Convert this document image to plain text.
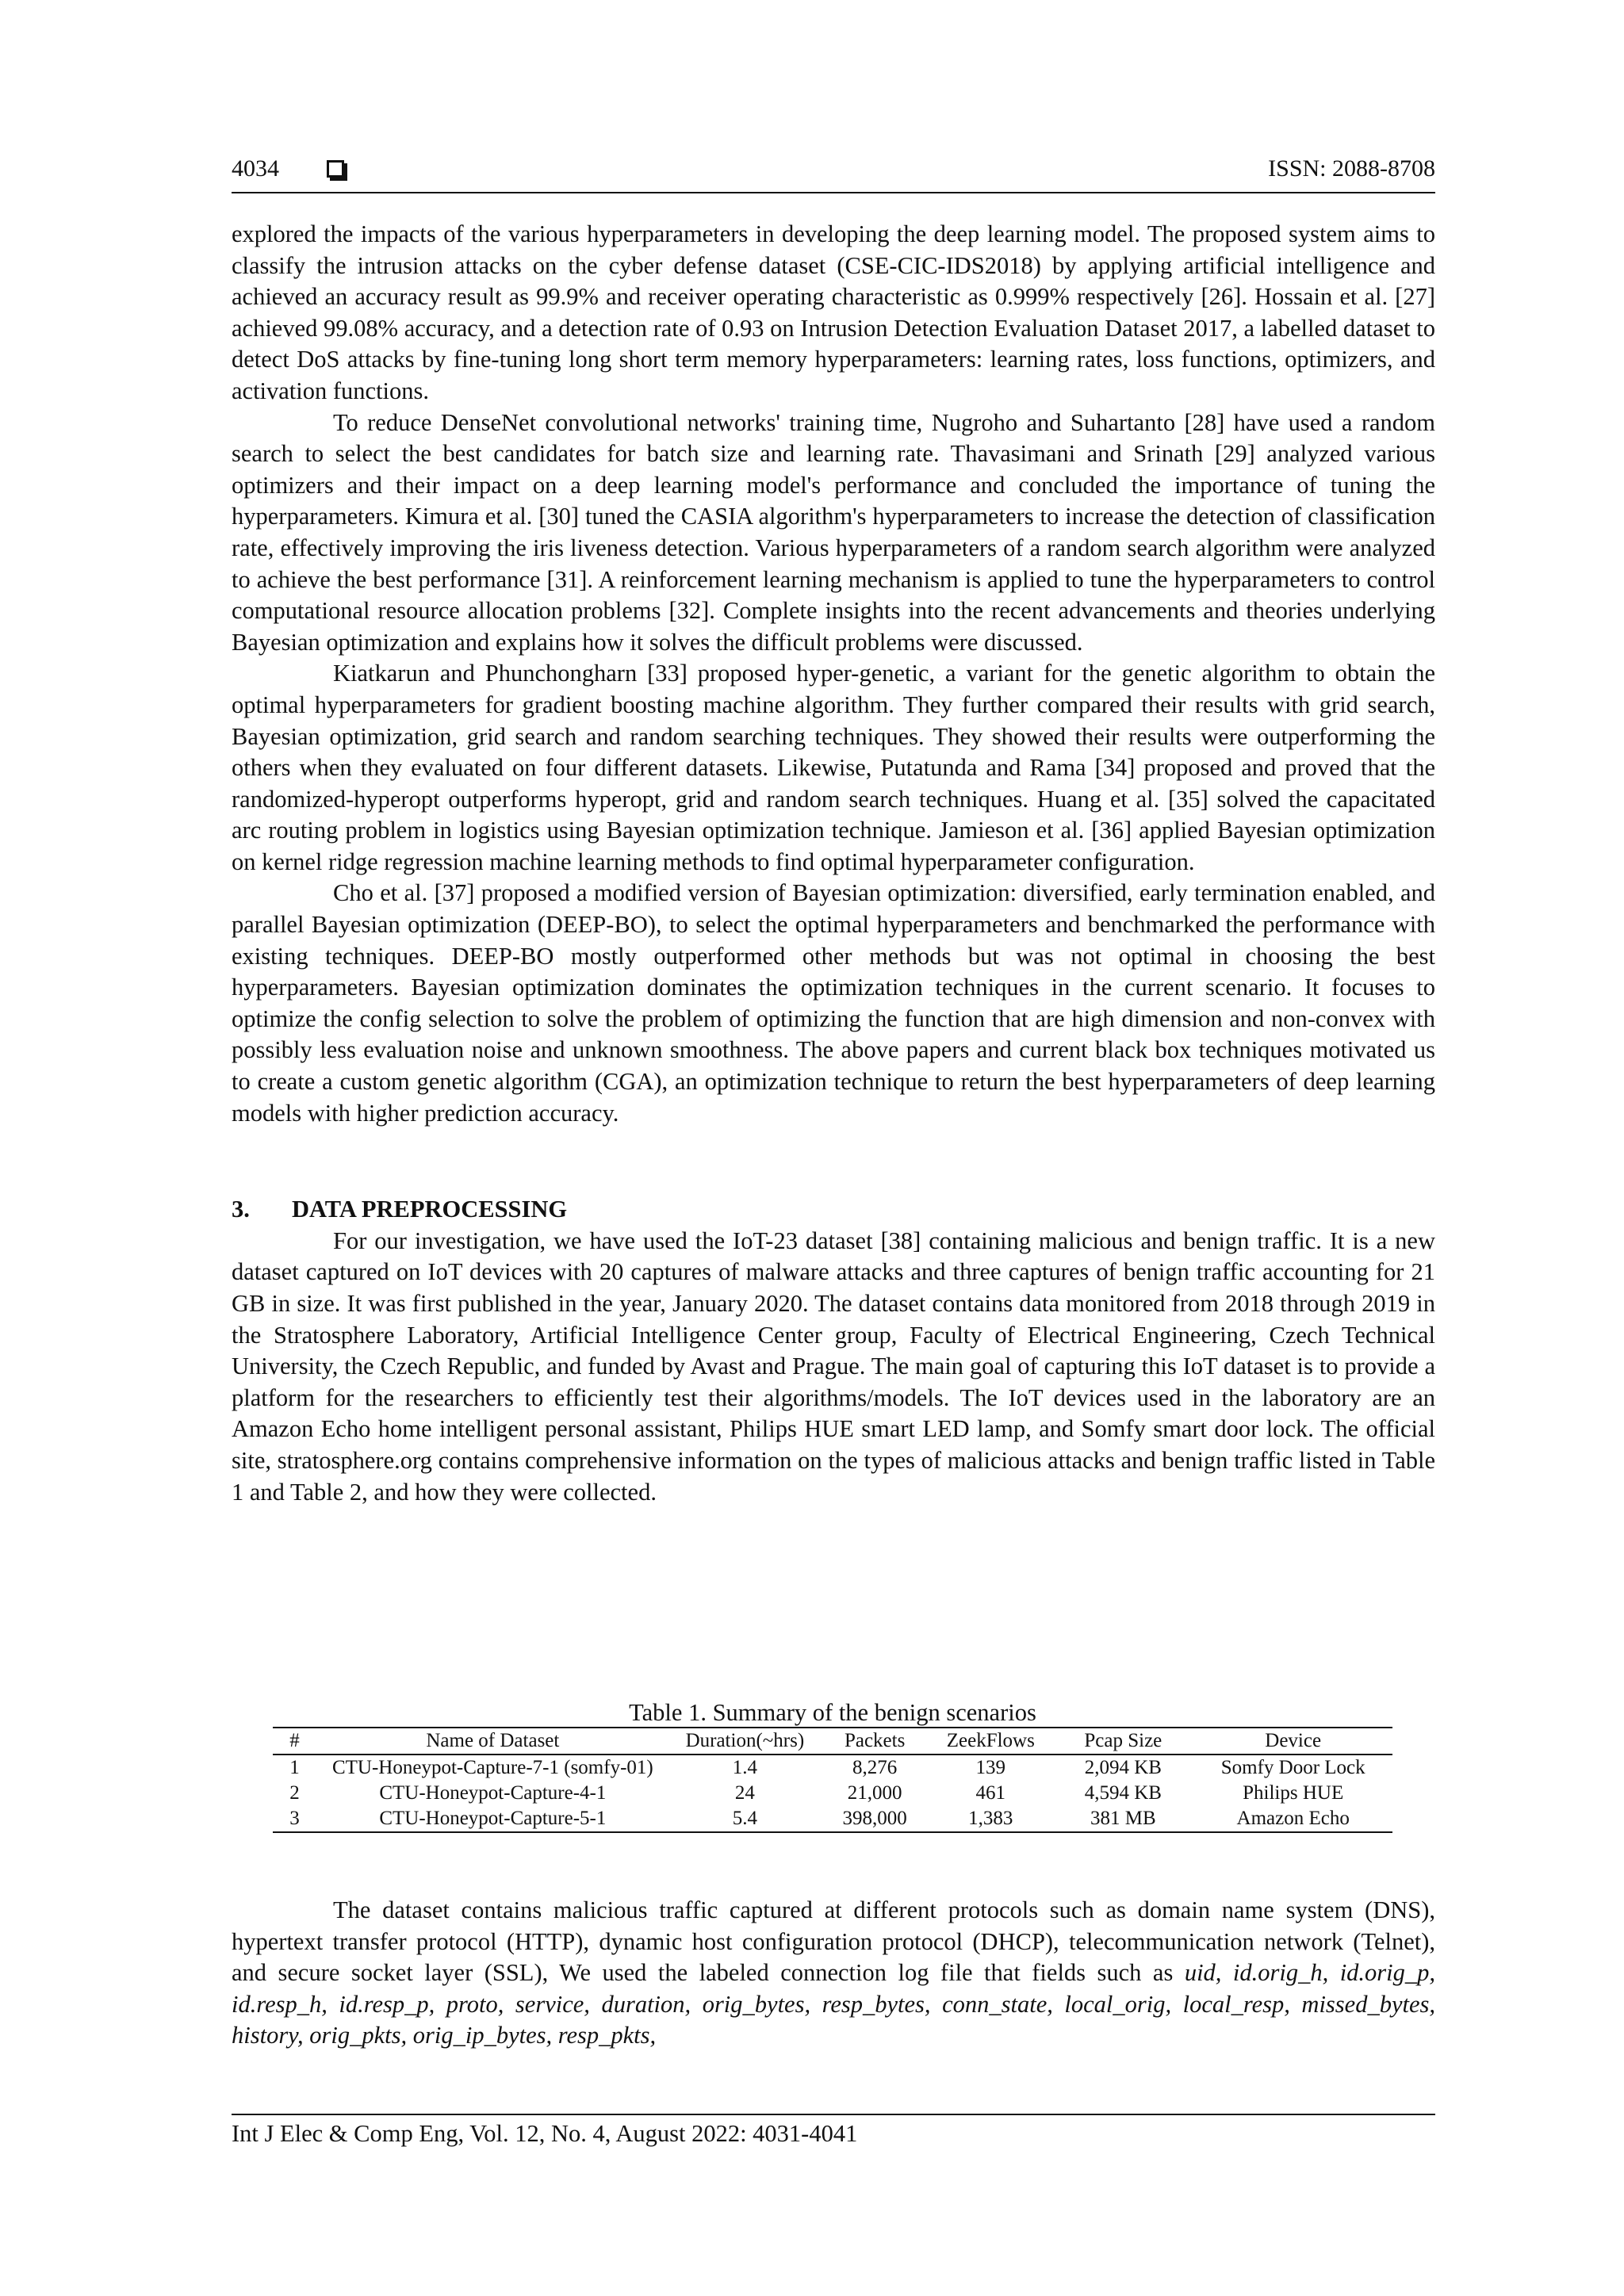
4034	ISSN: 2088-8708

explored the impacts of the various hyperparameters in developing the deep learning model. The proposed system aims to classify the intrusion attacks on the cyber defense dataset (CSE-CIC-IDS2018) by applying artificial intelligence and achieved an accuracy result as 99.9% and receiver operating characteristic as 0.999% respectively [26]. Hossain et al. [27] achieved 99.08% accuracy, and a detection rate of 0.93 on Intrusion Detection Evaluation Dataset 2017, a labelled dataset to detect DoS attacks by fine-tuning long short term memory hyperparameters: learning rates, loss functions, optimizers, and activation functions.

To reduce DenseNet convolutional networks' training time, Nugroho and Suhartanto [28] have used a random search to select the best candidates for batch size and learning rate. Thavasimani and Srinath [29] analyzed various optimizers and their impact on a deep learning model's performance and concluded the importance of tuning the hyperparameters. Kimura et al. [30] tuned the CASIA algorithm's hyperparameters to increase the detection of classification rate, effectively improving the iris liveness detection. Various hyperparameters of a random search algorithm were analyzed to achieve the best performance [31]. A reinforcement learning mechanism is applied to tune the hyperparameters to control computational resource allocation problems [32]. Complete insights into the recent advancements and theories underlying Bayesian optimization and explains how it solves the difficult problems were discussed.

Kiatkarun and Phunchongharn [33] proposed hyper-genetic, a variant for the genetic algorithm to obtain the optimal hyperparameters for gradient boosting machine algorithm. They further compared their results with grid search, Bayesian optimization, grid search and random searching techniques. They showed their results were outperforming the others when they evaluated on four different datasets. Likewise, Putatunda and Rama [34] proposed and proved that the randomized-hyperopt outperforms hyperopt, grid and random search techniques. Huang et al. [35] solved the capacitated arc routing problem in logistics using Bayesian optimization technique. Jamieson et al. [36] applied Bayesian optimization on kernel ridge regression machine learning methods to find optimal hyperparameter configuration.

Cho et al. [37] proposed a modified version of Bayesian optimization: diversified, early termination enabled, and parallel Bayesian optimization (DEEP-BO), to select the optimal hyperparameters and benchmarked the performance with existing techniques. DEEP-BO mostly outperformed other methods but was not optimal in choosing the best hyperparameters. Bayesian optimization dominates the optimization techniques in the current scenario. It focuses to optimize the config selection to solve the problem of optimizing the function that are high dimension and non-convex with possibly less evaluation noise and unknown smoothness. The above papers and current black box techniques motivated us to create a custom genetic algorithm (CGA), an optimization technique to return the best hyperparameters of deep learning models with higher prediction accuracy.

3. DATA PREPROCESSING

For our investigation, we have used the IoT-23 dataset [38] containing malicious and benign traffic. It is a new dataset captured on IoT devices with 20 captures of malware attacks and three captures of benign traffic accounting for 21 GB in size. It was first published in the year, January 2020. The dataset contains data monitored from 2018 through 2019 in the Stratosphere Laboratory, Artificial Intelligence Center group, Faculty of Electrical Engineering, Czech Technical University, the Czech Republic, and funded by Avast and Prague. The main goal of capturing this IoT dataset is to provide a platform for the researchers to efficiently test their algorithms/models. The IoT devices used in the laboratory are an Amazon Echo home intelligent personal assistant, Philips HUE smart LED lamp, and Somfy smart door lock. The official site, stratosphere.org contains comprehensive information on the types of malicious attacks and benign traffic listed in Table 1 and Table 2, and how they were collected.

Table 1. Summary of the benign scenarios
#	Name of Dataset	Duration(~hrs)	Packets	ZeekFlows	Pcap Size	Device
1	CTU-Honeypot-Capture-7-1 (somfy-01)	1.4	8,276	139	2,094 KB	Somfy Door Lock
2	CTU-Honeypot-Capture-4-1	24	21,000	461	4,594 KB	Philips HUE
3	CTU-Honeypot-Capture-5-1	5.4	398,000	1,383	381 MB	Amazon Echo

The dataset contains malicious traffic captured at different protocols such as domain name system (DNS), hypertext transfer protocol (HTTP), dynamic host configuration protocol (DHCP), telecommunication network (Telnet), and secure socket layer (SSL), We used the labeled connection log file that fields such as uid, id.orig_h, id.orig_p, id.resp_h, id.resp_p, proto, service, duration, orig_bytes, resp_bytes, conn_state, local_orig, local_resp, missed_bytes, history, orig_pkts, orig_ip_bytes, resp_pkts,

Int J Elec & Comp Eng, Vol. 12, No. 4, August 2022: 4031-4041
